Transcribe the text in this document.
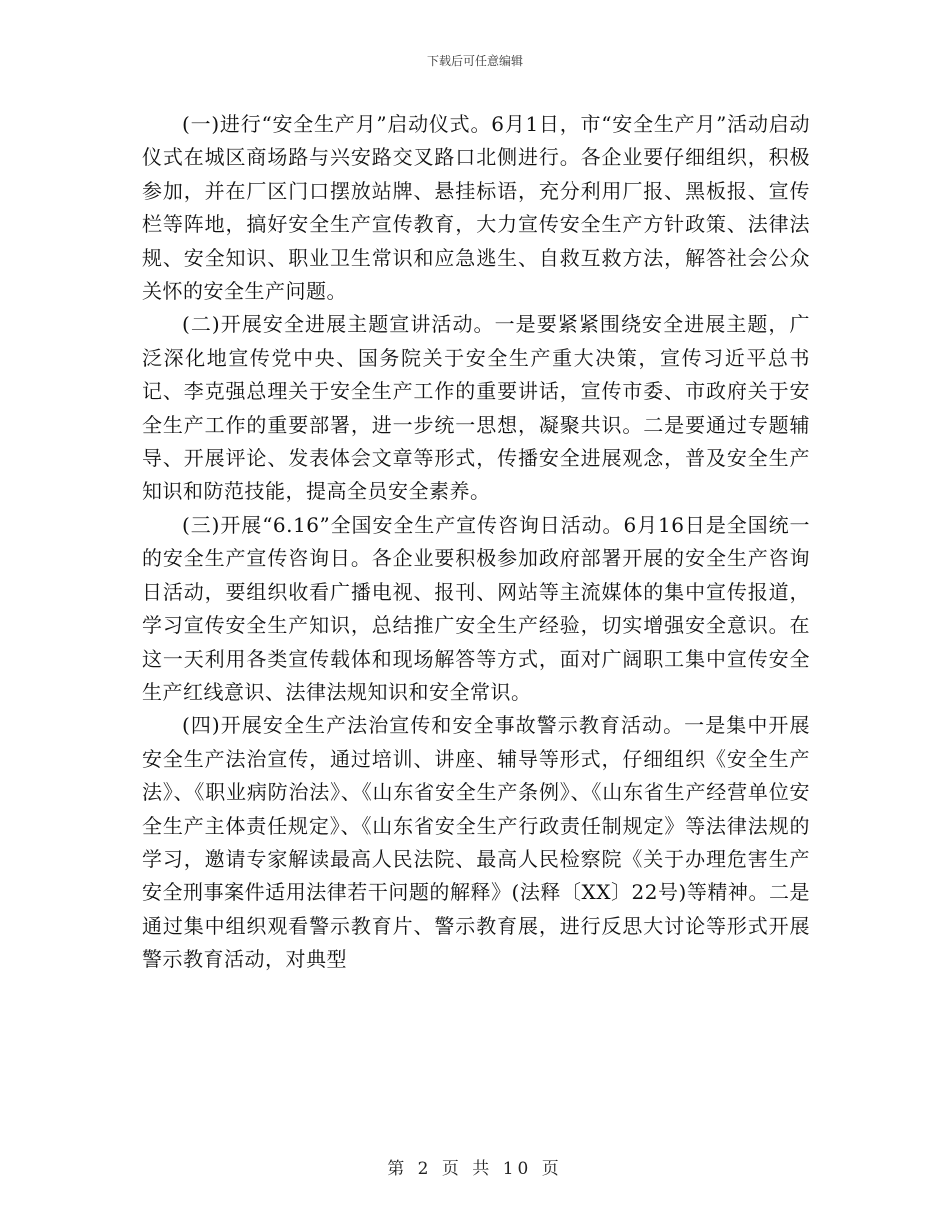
下载后可任意编辑

(一)进行“安全生产月”启动仪式。6月1日，市“安全生产月”活动启动仪式在城区商场路与兴安路交叉路口北侧进行。各企业要仔细组织，积极参加，并在厂区门口摆放站牌、悬挂标语，充分利用厂报、黑板报、宣传栏等阵地，搞好安全生产宣传教育，大力宣传安全生产方针政策、法律法规、安全知识、职业卫生常识和应急逃生、自救互救方法，解答社会公众关怀的安全生产问题。

(二)开展安全进展主题宣讲活动。一是要紧紧围绕安全进展主题，广泛深化地宣传党中央、国务院关于安全生产重大决策，宣传习近平总书记、李克强总理关于安全生产工作的重要讲话，宣传市委、市政府关于安全生产工作的重要部署，进一步统一思想，凝聚共识。二是要通过专题辅导、开展评论、发表体会文章等形式，传播安全进展观念，普及安全生产知识和防范技能，提高全员安全素养。

(三)开展“6.16”全国安全生产宣传咨询日活动。6月16日是全国统一的安全生产宣传咨询日。各企业要积极参加政府部署开展的安全生产咨询日活动，要组织收看广播电视、报刊、网站等主流媒体的集中宣传报道，学习宣传安全生产知识，总结推广安全生产经验，切实增强安全意识。在这一天利用各类宣传载体和现场解答等方式，面对广阔职工集中宣传安全生产红线意识、法律法规知识和安全常识。

(四)开展安全生产法治宣传和安全事故警示教育活动。一是集中开展安全生产法治宣传，通过培训、讲座、辅导等形式，仔细组织《安全生产法》、《职业病防治法》、《山东省安全生产条例》、《山东省生产经营单位安全生产主体责任规定》、《山东省安全生产行政责任制规定》等法律法规的学习，邀请专家解读最高人民法院、最高人民检察院《关于办理危害生产安全刑事案件适用法律若干问题的解释》(法释〔XX〕22号)等精神。二是通过集中组织观看警示教育片、警示教育展，进行反思大讨论等形式开展警示教育活动，对典型

第 2 页 共 10 页
